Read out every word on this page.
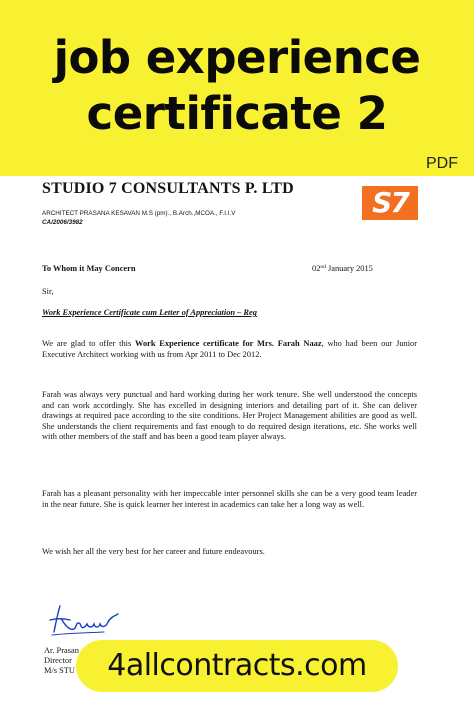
job experience
certificate 2
PDF
STUDIO 7 CONSULTANTS P. LTD
ARCHITECT PRASANA KESAVAN M.S (pm)., B.Arch.,MCOA., F.I.I.V
CA/2006/3982
S7
To Whom it May Concern	02nd January 2015
Sir,
Work Experience Certificate cum Letter of Appreciation – Reg
We are glad to offer this Work Experience certificate for Mrs. Farah Naaz, who had been our Junior Executive Architect working with us from Apr 2011 to Dec 2012.
Farah was always very punctual and hard working during her work tenure. She well understood the concepts and can work accordingly. She has excelled in designing interiors and detailing part of it. She can deliver drawings at required pace according to the site conditions. Her Project Management abilities are good as well. She understands the client requirements and fast enough to do required design iterations, etc. She works well with other members of the staff and has been a good team player always.
Farah has a pleasant personality with her impeccable inter personnel skills she can be a very good team leader in the near future. She is quick learner her interest in academics can take her a long way as well.
We wish her all the very best for her career and future endeavours.
Ar. Prasan
Director
M/s STU	4allcontracts.com
